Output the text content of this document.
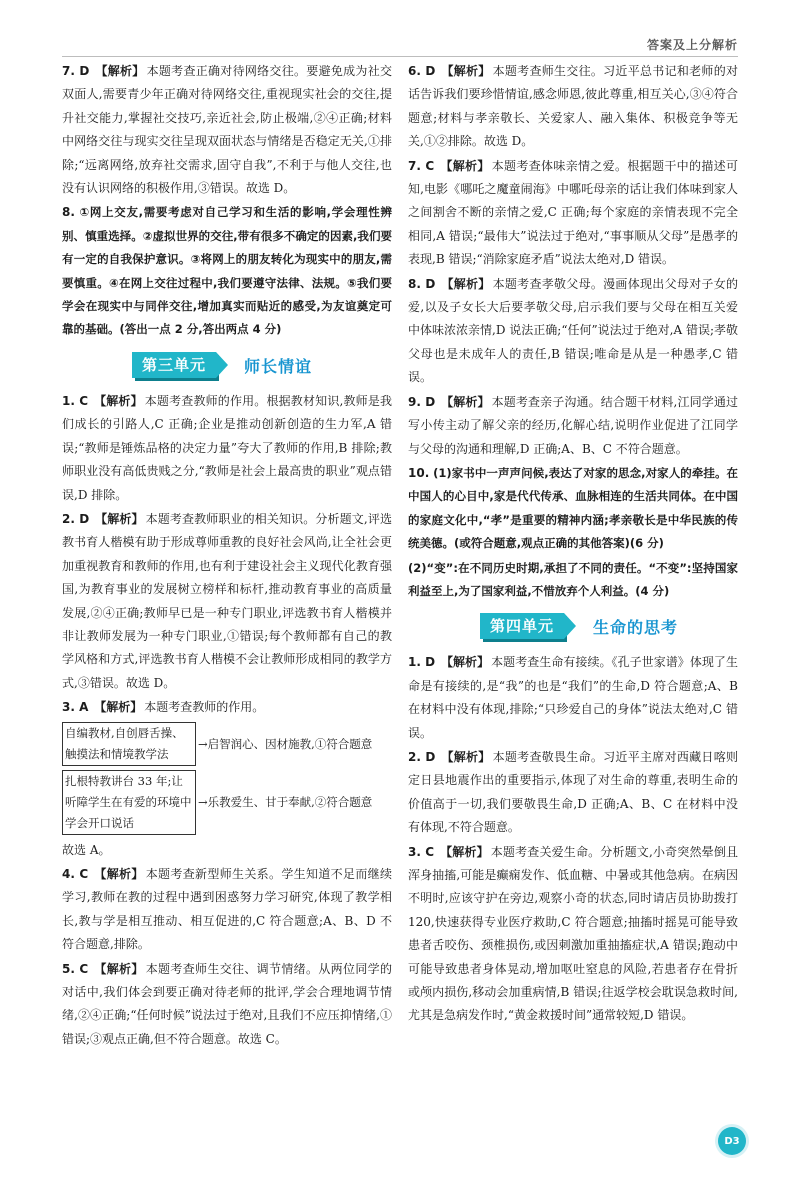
答案及上分解析

7. D 【解析】 本题考查正确对待网络交往。要避免成为社交双面人,需要青少年正确对待网络交往,重视现实社会的交往,提升社交能力,掌握社交技巧,亲近社会,防止极端,②④正确;材料中网络交往与现实交往呈现双面状态与情绪是否稳定无关,①排除;“远离网络,放弃社交需求,固守自我”,不利于与他人交往,也没有认识网络的积极作用,③错误。故选 D。

8. ①网上交友,需要考虑对自己学习和生活的影响,学会理性辨别、慎重选择。②虚拟世界的交往,带有很多不确定的因素,我们要有一定的自我保护意识。③将网上的朋友转化为现实中的朋友,需要慎重。④在网上交往过程中,我们要遵守法律、法规。⑤我们要学会在现实中与同伴交往,增加真实而贴近的感受,为友谊奠定可靠的基础。(答出一点 2 分,答出两点 4 分)

第三单元	师长情谊

1. C 【解析】 本题考查教师的作用。根据教材知识,教师是我们成长的引路人,C 正确;企业是推动创新创造的生力军,A 错误;“教师是锤炼品格的决定力量”夸大了教师的作用,B 排除;教师职业没有高低贵贱之分,“教师是社会上最高贵的职业”观点错误,D 排除。

2. D 【解析】 本题考查教师职业的相关知识。分析题文,评选教书育人楷模有助于形成尊师重教的良好社会风尚,让全社会更加重视教育和教师的作用,也有利于建设社会主义现代化教育强国,为教育事业的发展树立榜样和标杆,推动教育事业的高质量发展,②④正确;教师早已是一种专门职业,评选教书育人楷模并非让教师发展为一种专门职业,①错误;每个教师都有自己的教学风格和方式,评选教书育人楷模不会让教师形成相同的教学方式,③错误。故选 D。

3. A 【解析】 本题考查教师的作用。

自编教材,自创唇舌操、触摸法和情境教学法
→启智润心、因材施教,①符合题意
扎根特教讲台 33 年;让听障学生在有爱的环境中学会开口说话
→乐教爱生、甘于奉献,②符合题意

故选 A。

4. C 【解析】 本题考查新型师生关系。学生知道不足而继续学习,教师在教的过程中遇到困惑努力学习研究,体现了教学相长,教与学是相互推动、相互促进的,C 符合题意;A、B、D 不符合题意,排除。

5. C 【解析】 本题考查师生交往、调节情绪。从两位同学的对话中,我们体会到要正确对待老师的批评,学会合理地调节情绪,②④正确;“任何时候”说法过于绝对,且我们不应压抑情绪,①错误;③观点正确,但不符合题意。故选 C。

6. D 【解析】 本题考查师生交往。习近平总书记和老师的对话告诉我们要珍惜情谊,感念师恩,彼此尊重,相互关心,③④符合题意;材料与孝亲敬长、关爱家人、融入集体、积极竞争等无关,①②排除。故选 D。

7. C 【解析】 本题考查体味亲情之爱。根据题干中的描述可知,电影《哪吒之魔童闹海》中哪吒母亲的话让我们体味到家人之间割舍不断的亲情之爱,C 正确;每个家庭的亲情表现不完全相同,A 错误;“最伟大”说法过于绝对,“事事顺从父母”是愚孝的表现,B 错误;“消除家庭矛盾”说法太绝对,D 错误。

8. D 【解析】 本题考查孝敬父母。漫画体现出父母对子女的爱,以及子女长大后要孝敬父母,启示我们要与父母在相互关爱中体味浓浓亲情,D 说法正确;“任何”说法过于绝对,A 错误;孝敬父母也是未成年人的责任,B 错误;唯命是从是一种愚孝,C 错误。

9. D 【解析】 本题考查亲子沟通。结合题干材料,江同学通过写小传主动了解父亲的经历,化解心结,说明作业促进了江同学与父母的沟通和理解,D 正确;A、B、C 不符合题意。

10. (1)家书中一声声问候,表达了对家的思念,对家人的牵挂。在中国人的心目中,家是代代传承、血脉相连的生活共同体。在中国的家庭文化中,“孝”是重要的精神内涵;孝亲敬长是中华民族的传统美德。(或符合题意,观点正确的其他答案)(6 分)

(2)“变”:在不同历史时期,承担了不同的责任。“不变”:坚持国家利益至上,为了国家利益,不惜放弃个人利益。(4 分)

第四单元	生命的思考

1. D 【解析】 本题考查生命有接续。《孔子世家谱》体现了生命是有接续的,是“我”的也是“我们”的生命,D 符合题意;A、B 在材料中没有体现,排除;“只珍爱自己的身体”说法太绝对,C 错误。

2. D 【解析】 本题考查敬畏生命。习近平主席对西藏日喀则定日县地震作出的重要指示,体现了对生命的尊重,表明生命的价值高于一切,我们要敬畏生命,D 正确;A、B、C 在材料中没有体现,不符合题意。

3. C 【解析】 本题考查关爱生命。分析题文,小奇突然晕倒且浑身抽搐,可能是癫痫发作、低血糖、中暑或其他急病。在病因不明时,应该守护在旁边,观察小奇的状态,同时请店员协助拨打 120,快速获得专业医疗救助,C 符合题意;抽搐时摇晃可能导致患者舌咬伤、颈椎损伤,或因刺激加重抽搐症状,A 错误;跑动中可能导致患者身体晃动,增加呕吐窒息的风险,若患者存在骨折或颅内损伤,移动会加重病情,B 错误;往返学校会耽误急救时间,尤其是急病发作时,“黄金救援时间”通常较短,D 错误。

D3
